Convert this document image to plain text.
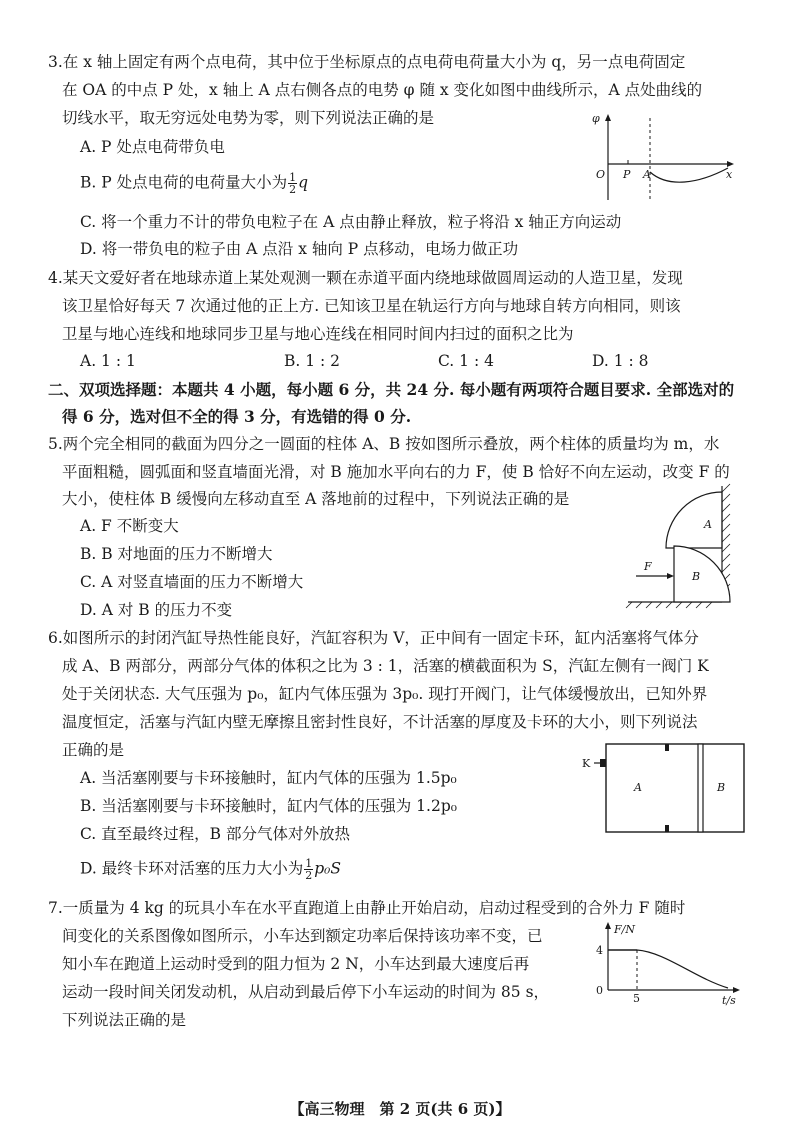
3.在 x 轴上固定有两个点电荷，其中位于坐标原点的点电荷电荷量大小为 q，另一点电荷固定
在 OA 的中点 P 处，x 轴上 A 点右侧各点的电势 φ 随 x 变化如图中曲线所示，A 点处曲线的
切线水平，取无穷远处电势为零，则下列说法正确的是
A. P 处点电荷带负电
B. P 处点电荷的电荷量大小为 $\frac{1}{2}$ q
C. 将一个重力不计的带负电粒子在 A 点由静止释放，粒子将沿 x 轴正方向运动
D. 将一带负电的粒子由 A 点沿 x 轴向 P 点移动，电场力做正功
φ
O P A	x
4.某天文爱好者在地球赤道上某处观测一颗在赤道平面内绕地球做圆周运动的人造卫星，发现
该卫星恰好每天 7 次通过他的正上方. 已知该卫星在轨运行方向与地球自转方向相同，则该
卫星与地心连线和地球同步卫星与地心连线在相同时间内扫过的面积之比为
A. 1 : 1	B. 1 : 2	C. 1 : 4	D. 1 : 8
二、双项选择题：本题共 4 小题，每小题 6 分，共 24 分. 每小题有两项符合题目要求. 全部选对的
得 6 分，选对但不全的得 3 分，有选错的得 0 分.
5.两个完全相同的截面为四分之一圆面的柱体 A、B 按如图所示叠放，两个柱体的质量均为 m，水
平面粗糙，圆弧面和竖直墙面光滑，对 B 施加水平向右的力 F，使 B 恰好不向左运动，改变 F 的
大小，使柱体 B 缓慢向左移动直至 A 落地前的过程中，下列说法正确的是
A. F 不断变大
B. B 对地面的压力不断增大
C. A 对竖直墙面的压力不断增大
D. A 对 B 的压力不变
A
B
F
6.如图所示的封闭汽缸导热性能良好，汽缸容积为 V，正中间有一固定卡环，缸内活塞将气体分
成 A、B 两部分，两部分气体的体积之比为 3 : 1，活塞的横截面积为 S，汽缸左侧有一阀门 K
处于关闭状态. 大气压强为 p₀，缸内气体压强为 3p₀. 现打开阀门，让气体缓慢放出，已知外界
温度恒定，活塞与汽缸内壁无摩擦且密封性良好，不计活塞的厚度及卡环的大小，则下列说法
正确的是
A. 当活塞刚要与卡环接触时，缸内气体的压强为 1.5p₀
B. 当活塞刚要与卡环接触时，缸内气体的压强为 1.2p₀
C. 直至最终过程，B 部分气体对外放热
D. 最终卡环对活塞的压力大小为 $\frac{1}{2} p_0S$
K
A	B
7.一质量为 4 kg 的玩具小车在水平直跑道上由静止开始启动，启动过程受到的合外力 F 随时
间变化的关系图像如图所示，小车达到额定功率后保持该功率不变，已
知小车在跑道上运动时受到的阻力恒为 2 N，小车达到最大速度后再
运动一段时间关闭发动机，从启动到最后停下小车运动的时间为 85 s，
下列说法正确的是
F/N
4
0
5	t/s
【高三物理　第 2 页(共 6 页)】
